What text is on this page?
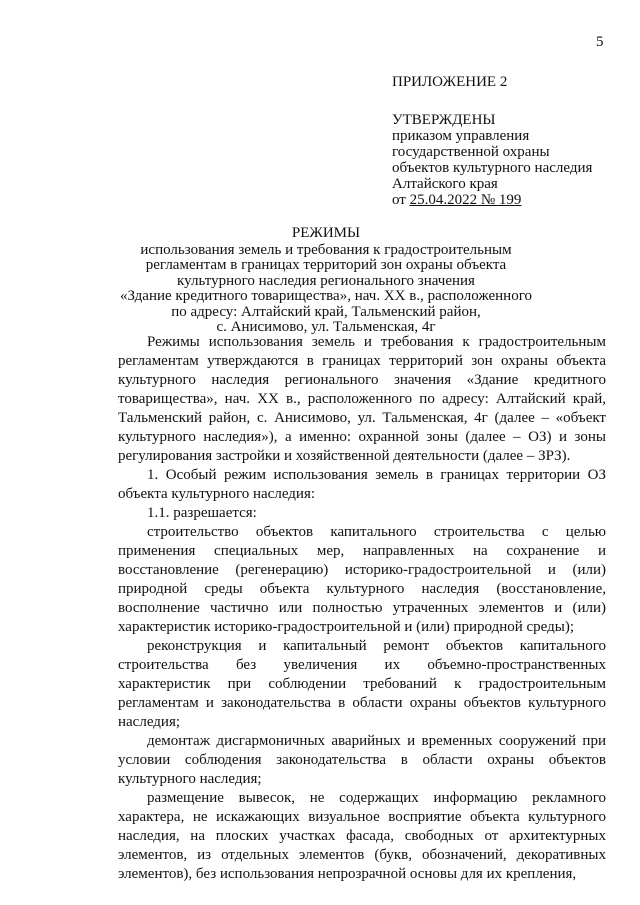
5

ПРИЛОЖЕНИЕ 2

УТВЕРЖДЕНЫ

приказом управления

государственной охраны

объектов культурного наследия

Алтайского края

от 25.04.2022 № 199

РЕЖИМЫ

использования земель и требования к градостроительным

регламентам в границах территорий зон охраны объекта

культурного наследия регионального значения

«Здание кредитного товарищества», нач. XX в., расположенного

по адресу: Алтайский край, Тальменский район,

с. Анисимово, ул. Тальменская, 4г

Режимы использования земель и требования к градостроительным регламентам утверждаются в границах территорий зон охраны объекта культурного наследия регионального значения «Здание кредитного товарищества», нач. XX в., расположенного по адресу: Алтайский край, Тальменский район, с. Анисимово, ул. Тальменская, 4г (далее – «объект культурного наследия»), а именно: охранной зоны (далее – ОЗ) и зоны регулирования застройки и хозяйственной деятельности (далее – ЗРЗ).

1. Особый режим использования земель в границах территории ОЗ объекта культурного наследия:

1.1. разрешается:

строительство объектов капитального строительства с целью применения специальных мер, направленных на сохранение и восстановление (регенерацию) историко-градостроительной и (или) природной среды объекта культурного наследия (восстановление, восполнение частично или полностью утраченных элементов и (или) характеристик историко-градостроительной и (или) природной среды);

реконструкция и капитальный ремонт объектов капитального строительства без увеличения их объемно-пространственных характеристик при соблюдении требований к градостроительным регламентам и законодательства в области охраны объектов культурного наследия;

демонтаж дисгармоничных аварийных и временных сооружений при условии соблюдения законодательства в области охраны объектов культурного наследия;

размещение вывесок, не содержащих информацию рекламного характера, не искажающих визуальное восприятие объекта культурного наследия, на плоских участках фасада, свободных от архитектурных элементов, из отдельных элементов (букв, обозначений, декоративных элементов), без использования непрозрачной основы для их крепления,
